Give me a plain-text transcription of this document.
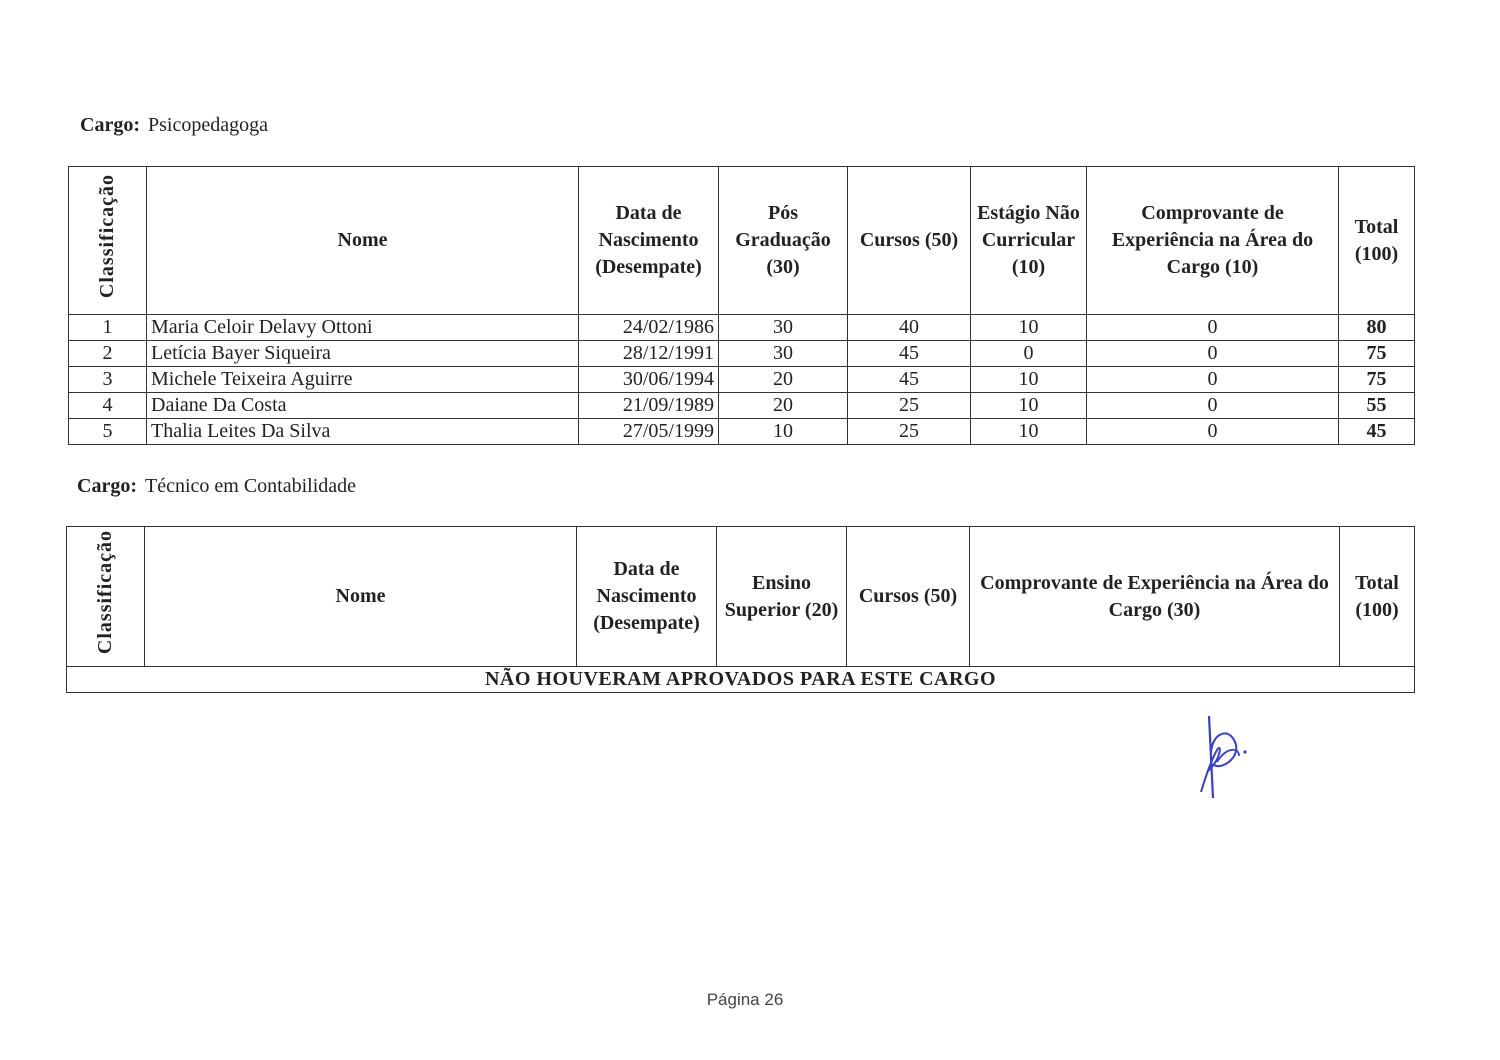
Cargo: Psicopedagoga
Classificação	Nome	Data de Nascimento (Desempate)	Pós Graduação (30)	Cursos (50)	Estágio Não Curricular (10)	Comprovante de Experiência na Área do Cargo (10)	Total (100)
1	Maria Celoir Delavy Ottoni	24/02/1986	30	40	10	0	80
2	Letícia Bayer Siqueira	28/12/1991	30	45	0	0	75
3	Michele Teixeira Aguirre	30/06/1994	20	45	10	0	75
4	Daiane Da Costa	21/09/1989	20	25	10	0	55
5	Thalia Leites Da Silva	27/05/1999	10	25	10	0	45
Cargo: Técnico em Contabilidade
Classificação	Nome	Data de Nascimento (Desempate)	Ensino Superior (20)	Cursos (50)	Comprovante de Experiência na Área do Cargo (30)	Total (100)
NÃO HOUVERAM APROVADOS PARA ESTE CARGO
Página 26
